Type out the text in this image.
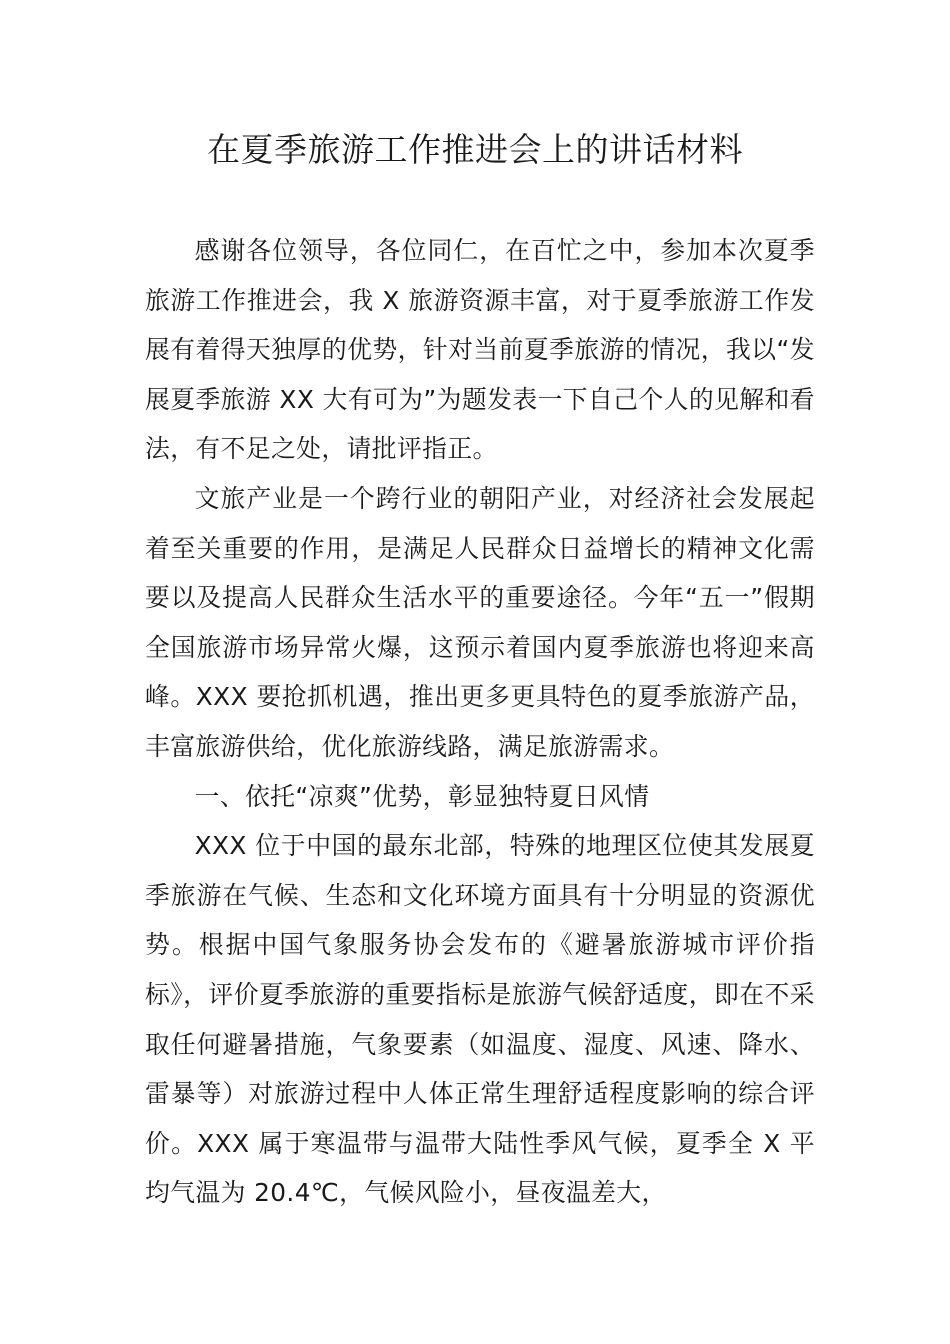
在夏季旅游工作推进会上的讲话材料

感谢各位领导，各位同仁，在百忙之中，参加本次夏季旅游工作推进会，我 X 旅游资源丰富，对于夏季旅游工作发展有着得天独厚的优势，针对当前夏季旅游的情况，我以“发展夏季旅游 XX 大有可为”为题发表一下自己个人的见解和看法，有不足之处，请批评指正。

文旅产业是一个跨行业的朝阳产业，对经济社会发展起着至关重要的作用，是满足人民群众日益增长的精神文化需要以及提高人民群众生活水平的重要途径。今年“五一”假期全国旅游市场异常火爆，这预示着国内夏季旅游也将迎来高峰。XXX 要抢抓机遇，推出更多更具特色的夏季旅游产品，丰富旅游供给，优化旅游线路，满足旅游需求。

一、依托“凉爽”优势，彰显独特夏日风情

XXX 位于中国的最东北部，特殊的地理区位使其发展夏季旅游在气候、生态和文化环境方面具有十分明显的资源优势。根据中国气象服务协会发布的《避暑旅游城市评价指标》，评价夏季旅游的重要指标是旅游气候舒适度，即在不采取任何避暑措施，气象要素（如温度、湿度、风速、降水、雷暴等）对旅游过程中人体正常生理舒适程度影响的综合评价。XXX 属于寒温带与温带大陆性季风气候，夏季全 X 平均气温为 20.4℃，气候风险小，昼夜温差大，
